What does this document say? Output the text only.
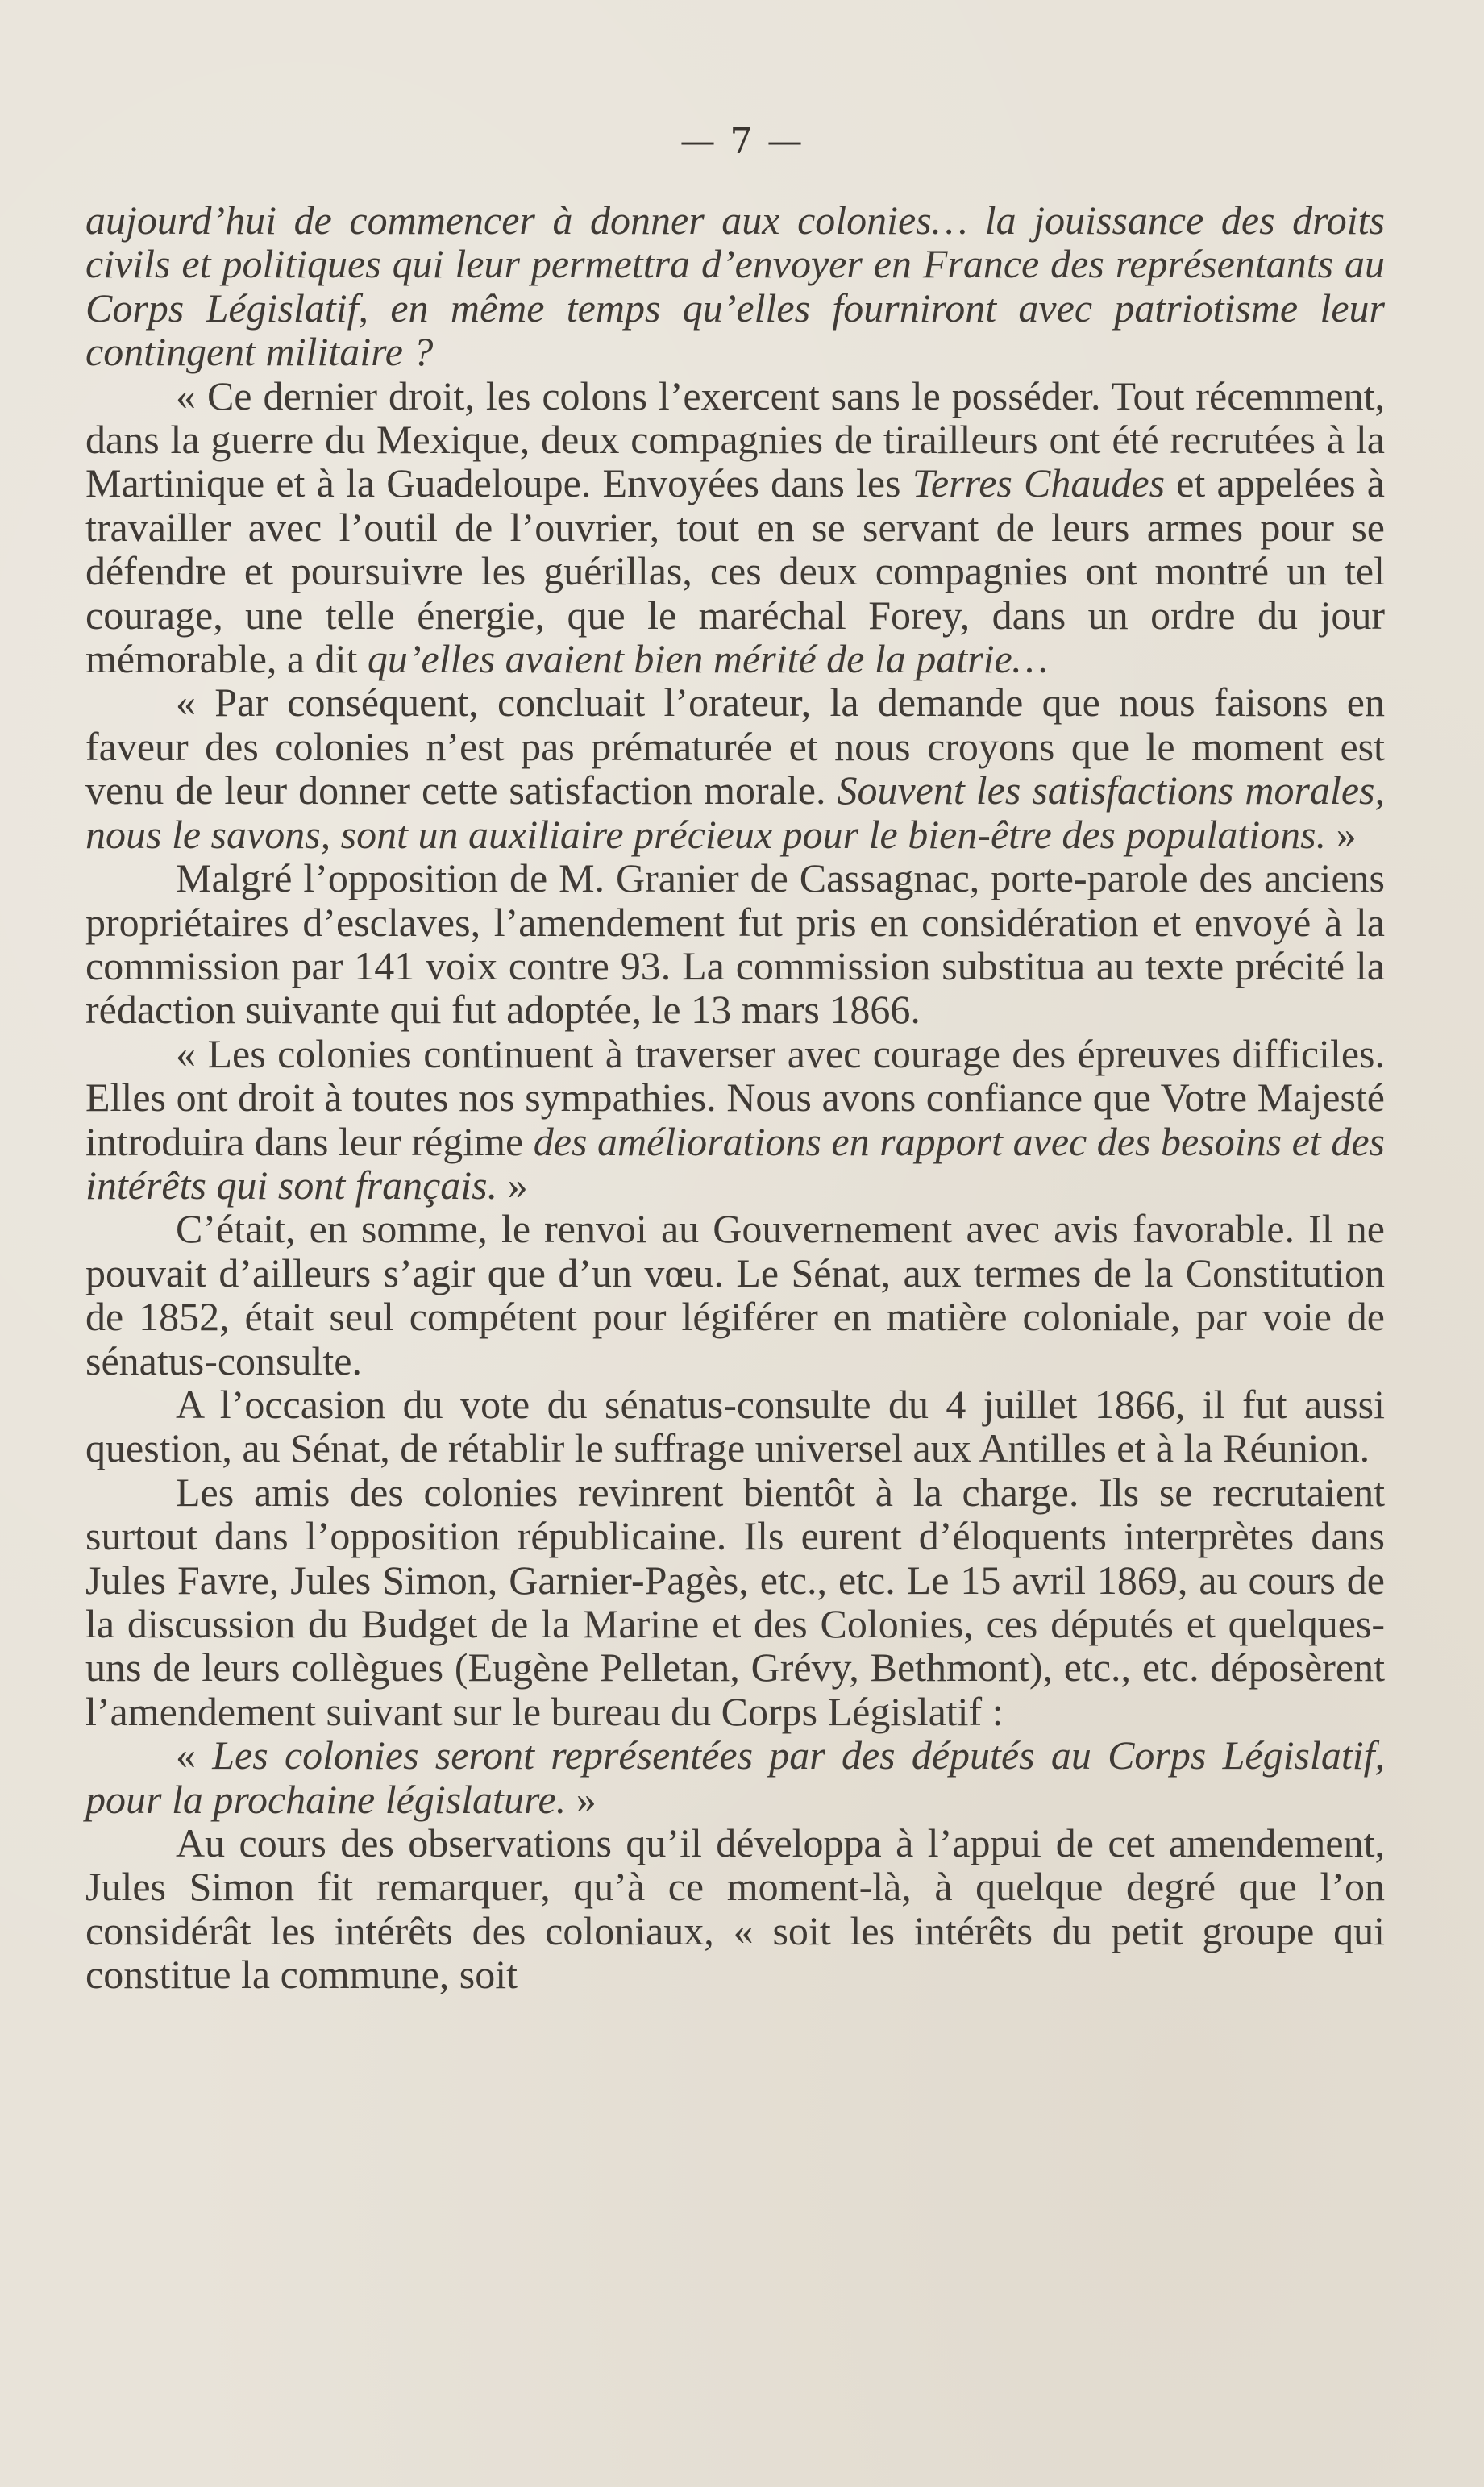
— 7 —

aujourd’hui de commencer à donner aux colonies… la jouissance des droits civils et politiques qui leur permettra d’envoyer en France des représentants au Corps Législatif, en même temps qu’elles fourniront avec patriotisme leur contingent militaire ?

« Ce dernier droit, les colons l’exercent sans le posséder. Tout récemment, dans la guerre du Mexique, deux compagnies de tirailleurs ont été recrutées à la Martinique et à la Guadeloupe. Envoyées dans les Terres Chaudes et appelées à travailler avec l’outil de l’ouvrier, tout en se servant de leurs armes pour se défendre et poursuivre les guérillas, ces deux compagnies ont montré un tel courage, une telle énergie, que le maréchal Forey, dans un ordre du jour mémorable, a dit qu’elles avaient bien mérité de la patrie…

« Par conséquent, concluait l’orateur, la demande que nous faisons en faveur des colonies n’est pas prématurée et nous croyons que le moment est venu de leur donner cette satisfaction morale. Souvent les satisfactions morales, nous le savons, sont un auxiliaire précieux pour le bien-être des populations. »

Malgré l’opposition de M. Granier de Cassagnac, porte-parole des anciens propriétaires d’esclaves, l’amendement fut pris en considération et envoyé à la commission par 141 voix contre 93. La commission substitua au texte précité la rédaction suivante qui fut adoptée, le 13 mars 1866.

« Les colonies continuent à traverser avec courage des épreuves difficiles. Elles ont droit à toutes nos sympathies. Nous avons confiance que Votre Majesté introduira dans leur régime des améliorations en rapport avec des besoins et des intérêts qui sont français. »

C’était, en somme, le renvoi au Gouvernement avec avis favorable. Il ne pouvait d’ailleurs s’agir que d’un vœu. Le Sénat, aux termes de la Constitution de 1852, était seul compétent pour légiférer en matière coloniale, par voie de sénatus-consulte.

A l’occasion du vote du sénatus-consulte du 4 juillet 1866, il fut aussi question, au Sénat, de rétablir le suffrage universel aux Antilles et à la Réunion.

Les amis des colonies revinrent bientôt à la charge. Ils se recrutaient surtout dans l’opposition républicaine. Ils eurent d’éloquents interprètes dans Jules Favre, Jules Simon, Garnier-Pagès, etc., etc. Le 15 avril 1869, au cours de la discussion du Budget de la Marine et des Colonies, ces députés et quelques-uns de leurs collègues (Eugène Pelletan, Grévy, Bethmont), etc., etc. déposèrent l’amendement suivant sur le bureau du Corps Législatif :

« Les colonies seront représentées par des députés au Corps Législatif, pour la prochaine législature. »

Au cours des observations qu’il développa à l’appui de cet amendement, Jules Simon fit remarquer, qu’à ce moment-là, à quelque degré que l’on considérât les intérêts des coloniaux, « soit les intérêts du petit groupe qui constitue la commune, soit
